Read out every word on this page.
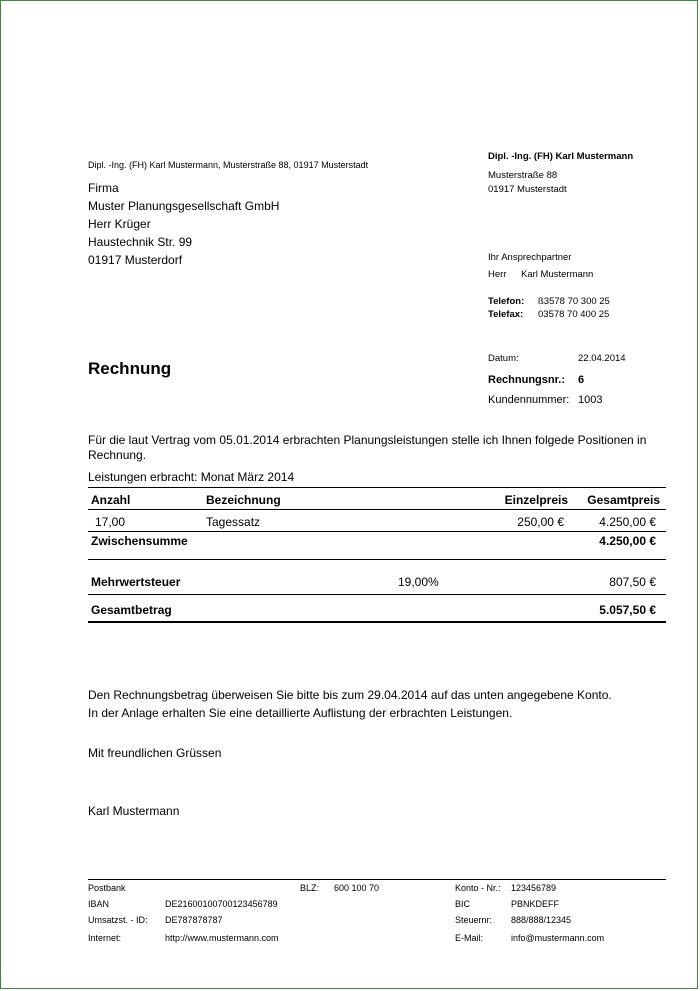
Dipl. -Ing. (FH) Karl Mustermann, Musterstraße 88, 01917 Musterstadt
Firma
Muster Planungsgesellschaft GmbH
Herr Krüger
Haustechnik Str. 99
01917 Musterdorf
Dipl. -Ing. (FH) Karl Mustermann
Musterstraße 88
01917 Musterstadt
Ihr Ansprechpartner
Herr Karl Mustermann
Telefon: ß3578 70 300 25
Telefax: 03578 70 400 25
Datum:	22.04.2014
Rechnungsnr.: 6
Kundennummer: 1003
Rechnung
Für die laut Vertrag vom 05.01.2014 erbrachten Planungsleistungen stelle ich Ihnen folgede Positionen in Rechnung.
Leistungen erbracht: Monat März 2014
Anzahl	Bezeichnung	Einzelpreis Gesamtpreis
17,00	Tagessatz	250,00 €	4.250,00 €
Zwischensumme	4.250,00 €
Mehrwertsteuer	19,00%	807,50 €
Gesamtbetrag	5.057,50 €
Den Rechnungsbetrag überweisen Sie bitte bis zum 29.04.2014 auf das unten angegebene Konto.
In der Anlage erhalten Sie eine detaillierte Auflistung der erbrachten Leistungen.
Mit freundlichen Grüssen
Karl Mustermann
Postbank	BLZ: 600 100 70	Konto - Nr.: 123456789
IBAN	DE21600100700123456789	BIC	PBNKDEFF
Umsatzst. - ID: DE787878787	Steuernr: 888/888/12345
Internet:	http://www.mustermann.com	E-Mail:	info@mustermann.com
